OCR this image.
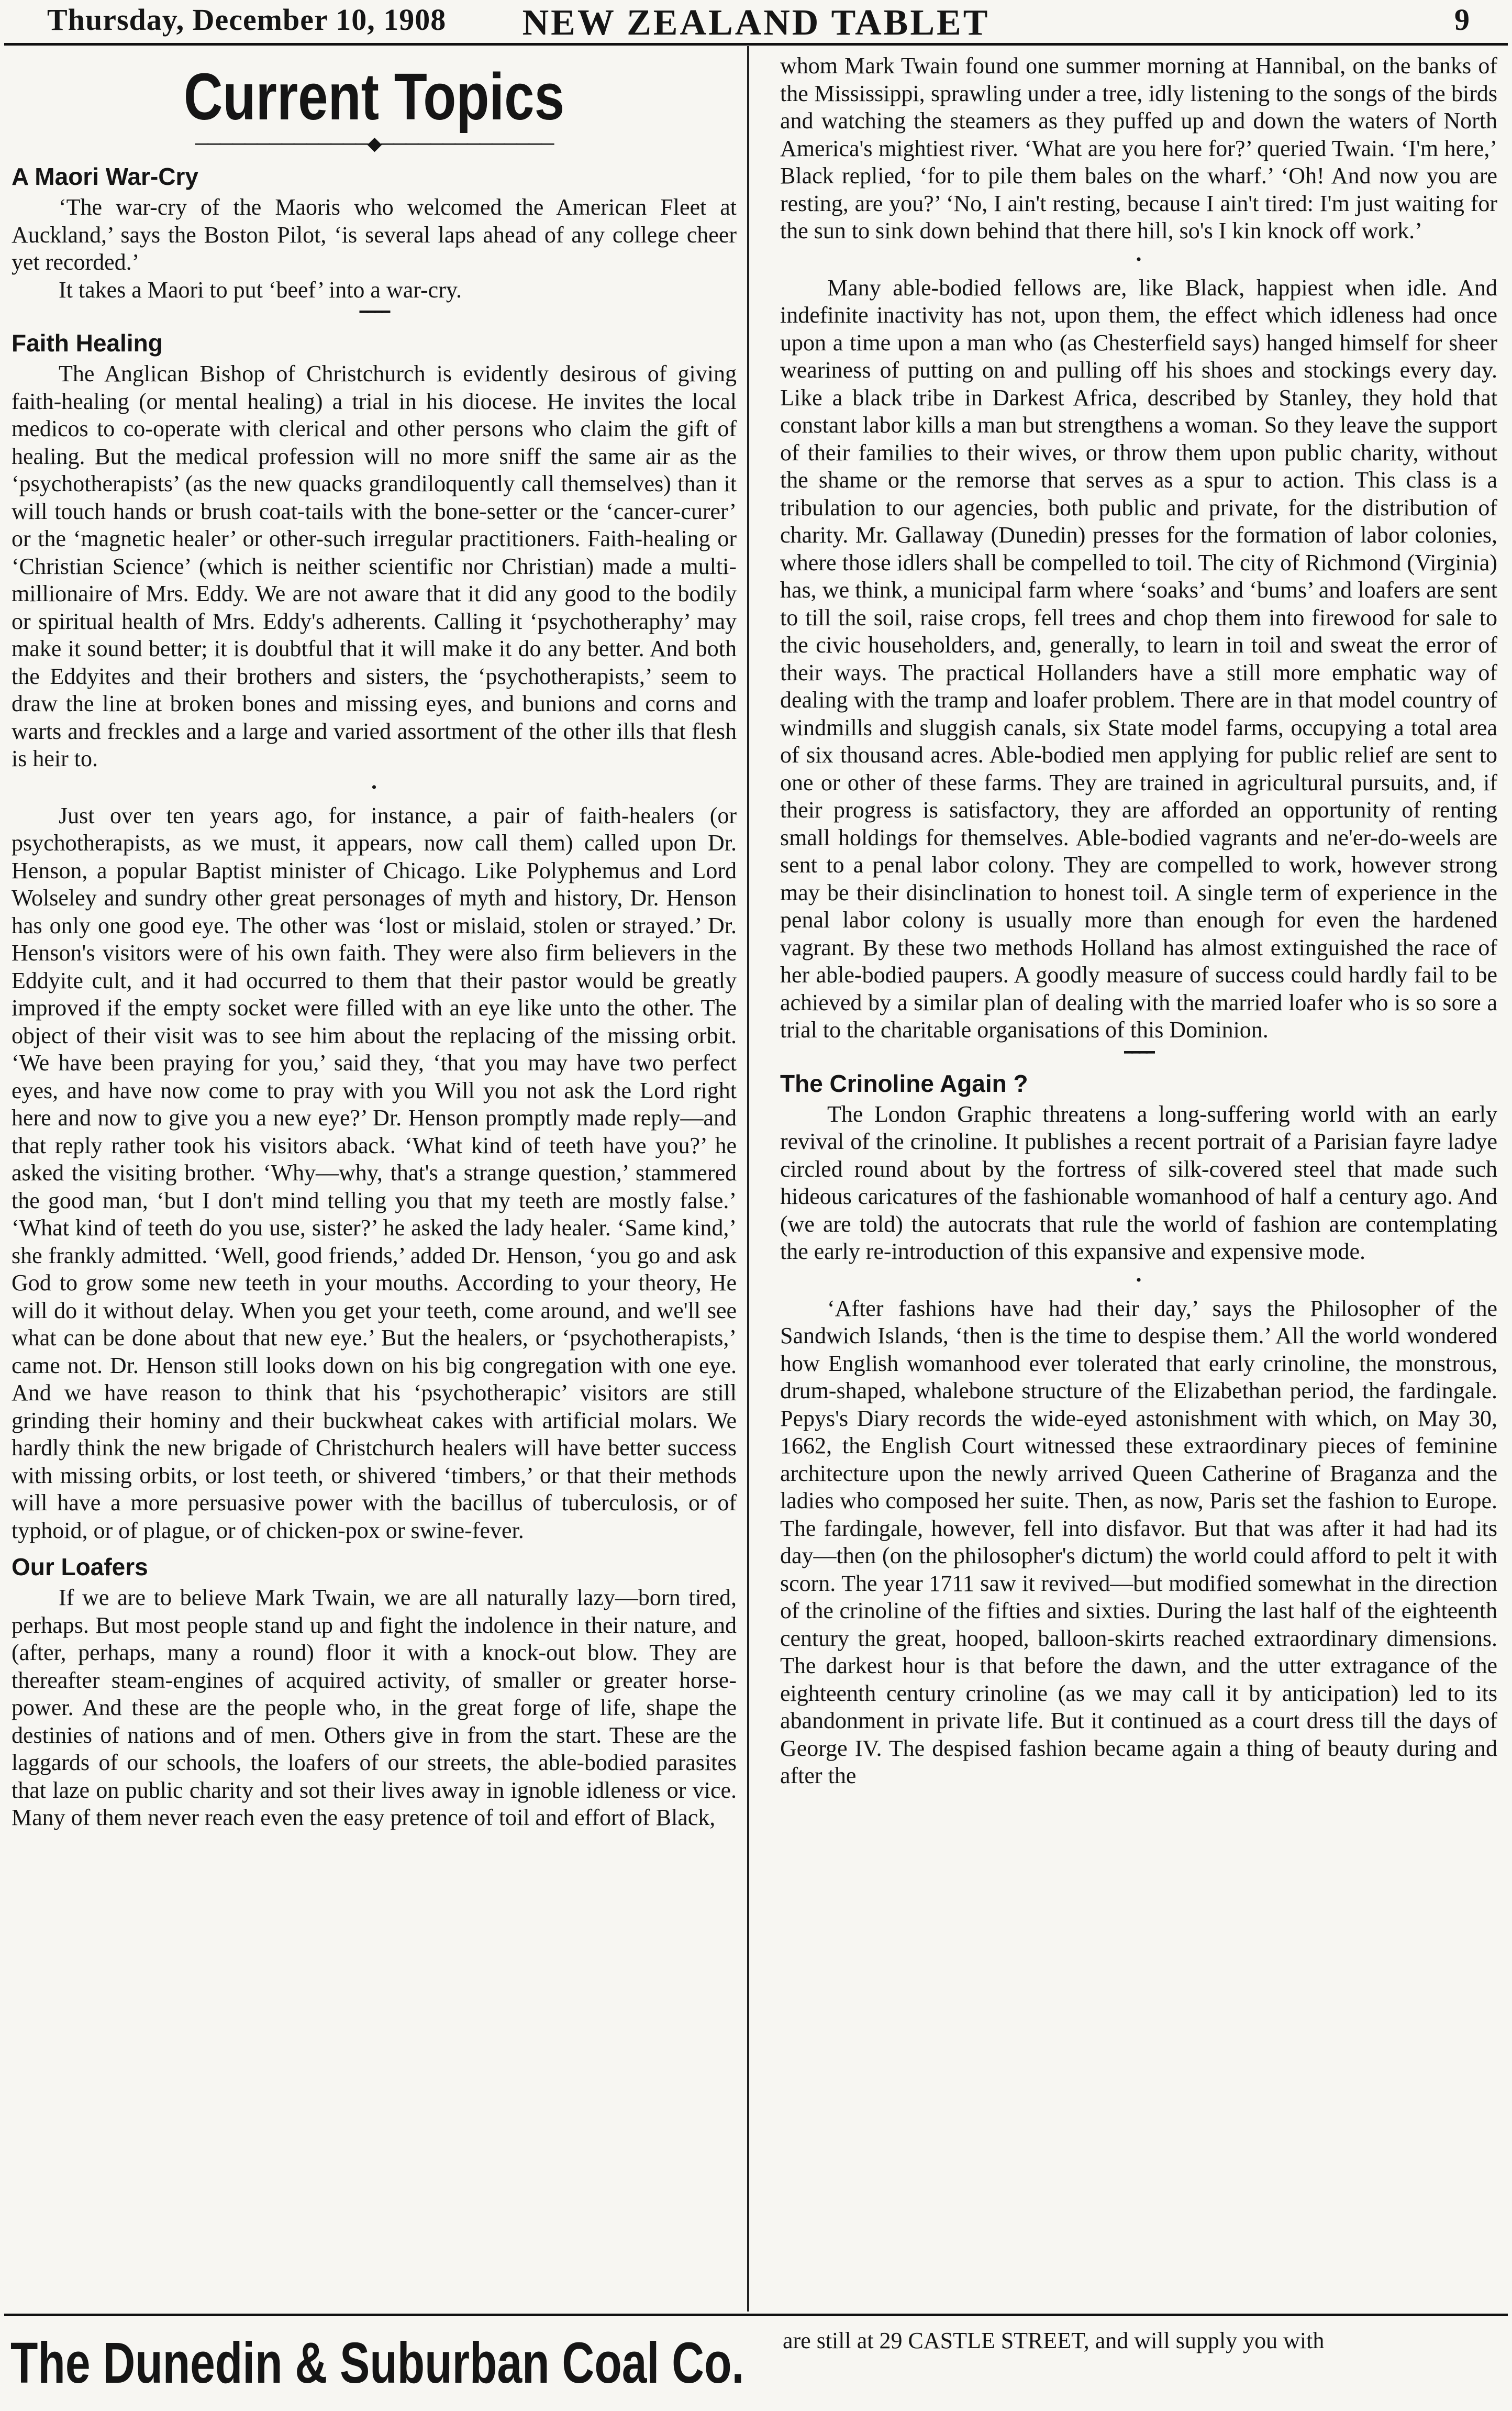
Thursday, December 10, 1908	NEW ZEALAND TABLET	9
Current Topics
──────────────◆──────────────
A Maori War-Cry

‘The war-cry of the Maoris who welcomed the American Fleet at Auckland,’ says the Boston Pilot, ‘is several laps ahead of any college cheer yet recorded.’

It takes a Maori to put ‘beef’ into a war-cry.

━━━━
Faith Healing

The Anglican Bishop of Christchurch is evidently desirous of giving faith-healing (or mental healing) a trial in his diocese. He invites the local medicos to co-operate with clerical and other persons who claim the gift of healing. But the medical profession will no more sniff the same air as the ‘psychotherapists’ (as the new quacks grandiloquently call themselves) than it will touch hands or brush coat-tails with the bone-setter or the ‘cancer-curer’ or the ‘magnetic healer’ or other-such irregular practitioners. Faith-healing or ‘Christian Science’ (which is neither scientific nor Christian) made a multi-millionaire of Mrs. Eddy. We are not aware that it did any good to the bodily or spiritual health of Mrs. Eddy's adherents. Calling it ‘psychotheraphy’ may make it sound better; it is doubtful that it will make it do any better. And both the Eddyites and their brothers and sisters, the ‘psychotherapists,’ seem to draw the line at broken bones and missing eyes, and bunions and corns and warts and freckles and a large and varied assortment of the other ills that flesh is heir to.

•

Just over ten years ago, for instance, a pair of faith-healers (or psychotherapists, as we must, it appears, now call them) called upon Dr. Henson, a popular Baptist minister of Chicago. Like Polyphemus and Lord Wolseley and sundry other great personages of myth and history, Dr. Henson has only one good eye. The other was ‘lost or mislaid, stolen or strayed.’ Dr. Henson's visitors were of his own faith. They were also firm believers in the Eddyite cult, and it had occurred to them that their pastor would be greatly improved if the empty socket were filled with an eye like unto the other. The object of their visit was to see him about the replacing of the missing orbit. ‘We have been praying for you,’ said they, ‘that you may have two perfect eyes, and have now come to pray with you Will you not ask the Lord right here and now to give you a new eye?’ Dr. Henson promptly made reply—and that reply rather took his visitors aback. ‘What kind of teeth have you?’ he asked the visiting brother. ‘Why—why, that's a strange question,’ stammered the good man, ‘but I don't mind telling you that my teeth are mostly false.’ ‘What kind of teeth do you use, sister?’ he asked the lady healer. ‘Same kind,’ she frankly admitted. ‘Well, good friends,’ added Dr. Henson, ‘you go and ask God to grow some new teeth in your mouths. According to your theory, He will do it without delay. When you get your teeth, come around, and we'll see what can be done about that new eye.’ But the healers, or ‘psychotherapists,’ came not. Dr. Henson still looks down on his big congregation with one eye. And we have reason to think that his ‘psychotherapic’ visitors are still grinding their hominy and their buckwheat cakes with artificial molars. We hardly think the new brigade of Christchurch healers will have better success with missing orbits, or lost teeth, or shivered ‘timbers,’ or that their methods will have a more persuasive power with the bacillus of tuberculosis, or of typhoid, or of plague, or of chicken-pox or swine-fever.

Our Loafers

If we are to believe Mark Twain, we are all naturally lazy—born tired, perhaps. But most people stand up and fight the indolence in their nature, and (after, perhaps, many a round) floor it with a knock-out blow. They are thereafter steam-engines of acquired activity, of smaller or greater horse-power. And these are the people who, in the great forge of life, shape the destinies of nations and of men. Others give in from the start. These are the laggards of our schools, the loafers of our streets, the able-bodied parasites that laze on public charity and sot their lives away in ignoble idleness or vice. Many of them never reach even the easy pretence of toil and effort of Black,

whom Mark Twain found one summer morning at Hannibal, on the banks of the Mississippi, sprawling under a tree, idly listening to the songs of the birds and watching the steamers as they puffed up and down the waters of North America's mightiest river. ‘What are you here for?’ queried Twain. ‘I'm here,’ Black replied, ‘for to pile them bales on the wharf.’ ‘Oh! And now you are resting, are you?’ ‘No, I ain't resting, because I ain't tired: I'm just waiting for the sun to sink down behind that there hill, so's I kin knock off work.’

•

Many able-bodied fellows are, like Black, happiest when idle. And indefinite inactivity has not, upon them, the effect which idleness had once upon a time upon a man who (as Chesterfield says) hanged himself for sheer weariness of putting on and pulling off his shoes and stockings every day. Like a black tribe in Darkest Africa, described by Stanley, they hold that constant labor kills a man but strengthens a woman. So they leave the support of their families to their wives, or throw them upon public charity, without the shame or the remorse that serves as a spur to action. This class is a tribulation to our agencies, both public and private, for the distribution of charity. Mr. Gallaway (Dunedin) presses for the formation of labor colonies, where those idlers shall be compelled to toil. The city of Richmond (Virginia) has, we think, a municipal farm where ‘soaks’ and ‘bums’ and loafers are sent to till the soil, raise crops, fell trees and chop them into firewood for sale to the civic householders, and, generally, to learn in toil and sweat the error of their ways. The practical Hollanders have a still more emphatic way of dealing with the tramp and loafer problem. There are in that model country of windmills and sluggish canals, six State model farms, occupying a total area of six thousand acres. Able-bodied men applying for public relief are sent to one or other of these farms. They are trained in agricultural pursuits, and, if their progress is satisfactory, they are afforded an opportunity of renting small holdings for themselves. Able-bodied vagrants and ne'er-do-weels are sent to a penal labor colony. They are compelled to work, however strong may be their disinclination to honest toil. A single term of experience in the penal labor colony is usually more than enough for even the hardened vagrant. By these two methods Holland has almost extinguished the race of her able-bodied paupers. A goodly measure of success could hardly fail to be achieved by a similar plan of dealing with the married loafer who is so sore a trial to the charitable organisations of this Dominion.

━━━━
The Crinoline Again ?

The London Graphic threatens a long-suffering world with an early revival of the crinoline. It publishes a recent portrait of a Parisian fayre ladye circled round about by the fortress of silk-covered steel that made such hideous caricatures of the fashionable womanhood of half a century ago. And (we are told) the autocrats that rule the world of fashion are contemplating the early re-introduction of this expansive and expensive mode.

•

‘After fashions have had their day,’ says the Philosopher of the Sandwich Islands, ‘then is the time to despise them.’ All the world wondered how English womanhood ever tolerated that early crinoline, the monstrous, drum-shaped, whalebone structure of the Elizabethan period, the fardingale. Pepys's Diary records the wide-eyed astonishment with which, on May 30, 1662, the English Court witnessed these extraordinary pieces of feminine architecture upon the newly arrived Queen Catherine of Braganza and the ladies who composed her suite. Then, as now, Paris set the fashion to Europe. The fardingale, however, fell into disfavor. But that was after it had had its day—then (on the philosopher's dictum) the world could afford to pelt it with scorn. The year 1711 saw it revived—but modified somewhat in the direction of the crinoline of the fifties and sixties. During the last half of the eighteenth century the great, hooped, balloon-skirts reached extraordinary dimensions. The darkest hour is that before the dawn, and the utter extragance of the eighteenth century crinoline (as we may call it by anticipation) led to its abandonment in private life. But it continued as a court dress till the days of George IV. The despised fashion became again a thing of beauty during and after the

The Dunedin & Suburban Coal Co. are still at 29 CASTLE STREET, and will supply you with
